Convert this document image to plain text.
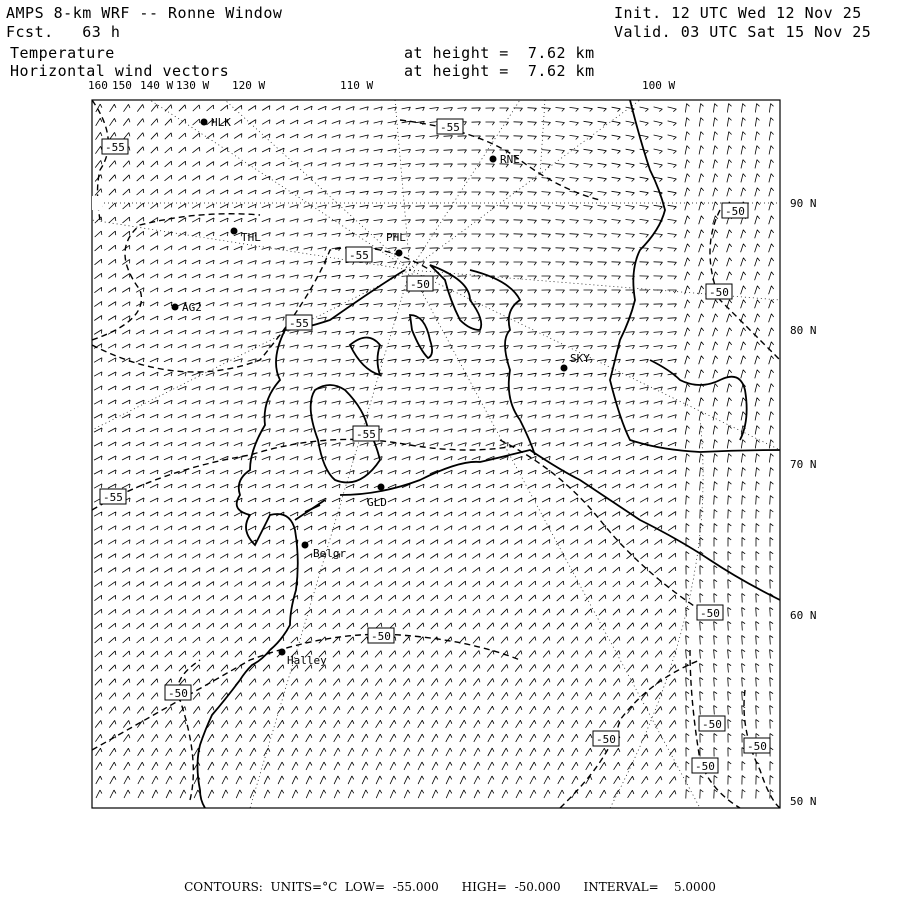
AMPS 8-km WRF -- Ronne Window
Fcst.   63 h
Temperature
Horizontal wind vectors
at height =  7.62 km
at height =  7.62 km
Init. 12 UTC Wed 12 Nov 25
Valid. 03 UTC Sat 15 Nov 25
160 150 140 W 130 W 120 W	110 W	100 W
90 N
80 N
70 N
60 N
50 N
HLK
RNE
THL	PHL
AG2
SKY
GLD
Belgr
Halley
-55
-55
-50
-55
-50
-55
-55
-55
-50
-50
-50
-50
-50
-50
-50
-50
CONTOURS:  UNITS=°C  LOW=  -55.000      HIGH=  -50.000      INTERVAL=    5.0000
